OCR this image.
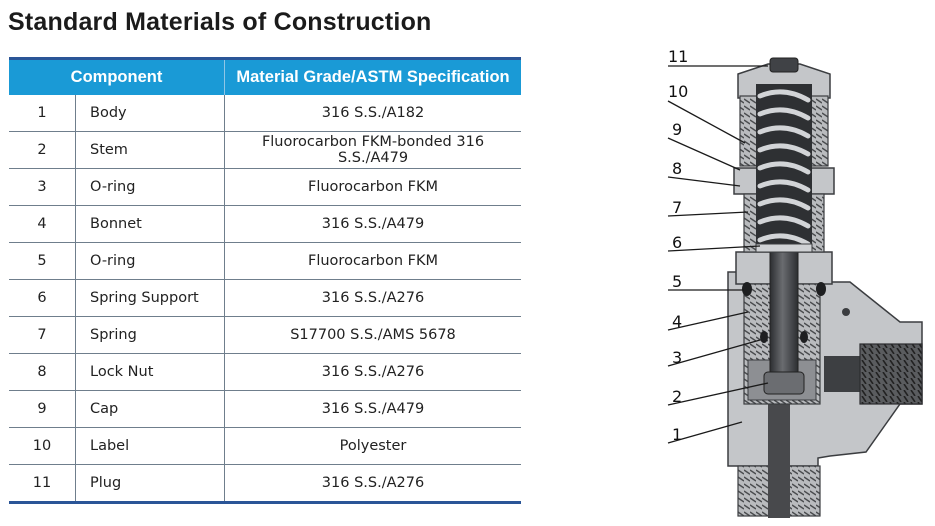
Standard Materials of Construction
Component		Material Grade/ASTM Specification
1	Body	316 S.S./A182
2	Stem	Fluorocarbon FKM-bonded 316 S.S./A479
3	O-ring	Fluorocarbon FKM
4	Bonnet	316 S.S./A479
5	O-ring	Fluorocarbon FKM
6	Spring Support	316 S.S./A276
7	Spring	S17700 S.S./AMS 5678
8	Lock Nut	316 S.S./A276
9	Cap	316 S.S./A479
10	Label	Polyester
11	Plug	316 S.S./A276
11
10
9
8
7
6
5
4
3
2
1
